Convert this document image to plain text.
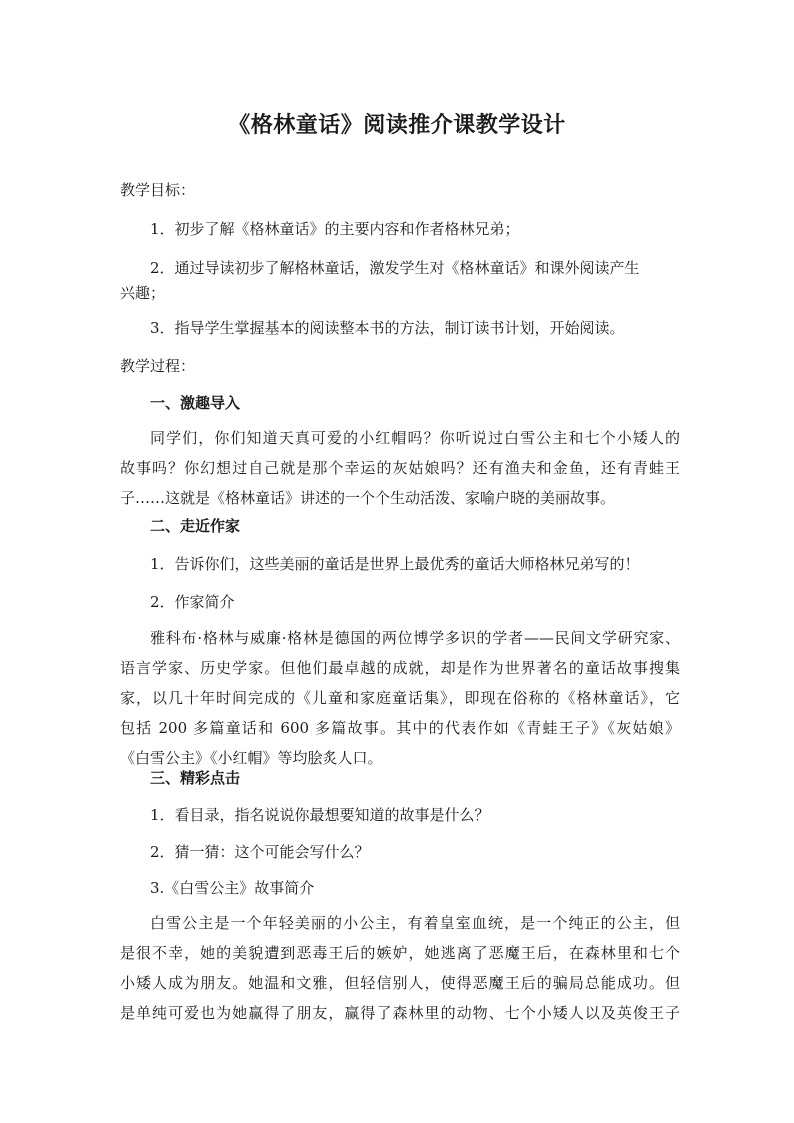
《格林童话》阅读推介课教学设计

教学目标：

1．初步了解《格林童话》的主要内容和作者格林兄弟；

2．通过导读初步了解格林童话，激发学生对《格林童话》和课外阅读产生

兴趣；

3．指导学生掌握基本的阅读整本书的方法，制订读书计划，开始阅读。

教学过程：

一、激趣导入

同学们，你们知道天真可爱的小红帽吗？你听说过白雪公主和七个小矮人的
故事吗？你幻想过自己就是那个幸运的灰姑娘吗？还有渔夫和金鱼，还有青蛙王
子……这就是《格林童话》讲述的一个个生动活泼、家喻户晓的美丽故事。

二、走近作家

1．告诉你们，这些美丽的童话是世界上最优秀的童话大师格林兄弟写的！

2．作家简介

雅科布·格林与威廉·格林是德国的两位博学多识的学者——民间文学研究家、
语言学家、历史学家。但他们最卓越的成就，却是作为世界著名的童话故事搜集
家，以几十年时间完成的《儿童和家庭童话集》，即现在俗称的《格林童话》，它
包括 200 多篇童话和 600 多篇故事。其中的代表作如《青蛙王子》《灰姑娘》
《白雪公主》《小红帽》等均脍炙人口。

三、精彩点击

1．看目录，指名说说你最想要知道的故事是什么？

2．猜一猜：这个可能会写什么？

3.《白雪公主》故事简介

白雪公主是一个年轻美丽的小公主，有着皇室血统，是一个纯正的公主，但
是很不幸，她的美貌遭到恶毒王后的嫉妒，她逃离了恶魔王后，在森林里和七个
小矮人成为朋友。她温和文雅，但轻信别人，使得恶魔王后的骗局总能成功。但
是单纯可爱也为她赢得了朋友，赢得了森林里的动物、七个小矮人以及英俊王子
